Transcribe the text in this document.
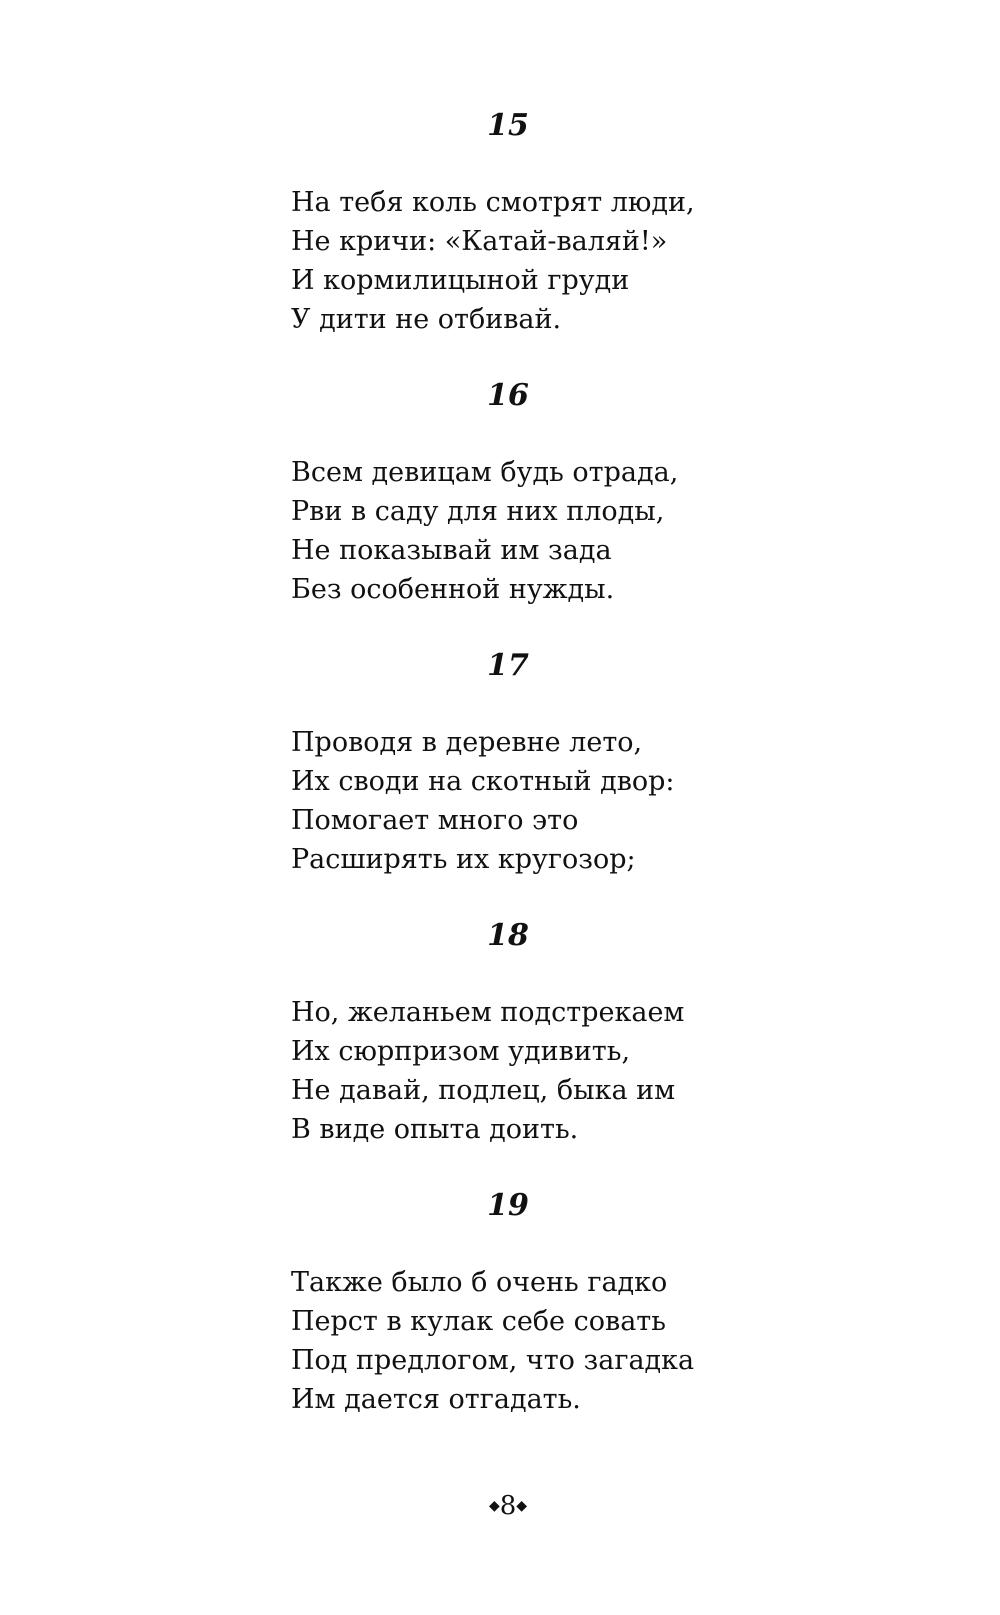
15
На тебя коль смотрят люди,
Не кричи: «Катай-валяй!»
И кормилицыной груди
У дити не отбивай.
16
Всем девицам будь отрада,
Рви в саду для них плоды,
Не показывай им зада
Без особенной нужды.
17
Проводя в деревне лето,
Их своди на скотный двор:
Помогает много это
Расширять их кругозор;
18
Но, желаньем подстрекаем
Их сюрпризом удивить,
Не давай, подлец, быка им
В виде опыта доить.
19
Также было б очень гадко
Перст в кулак себе совать
Под предлогом, что загадка
Им дается отгадать.
◆8◆
